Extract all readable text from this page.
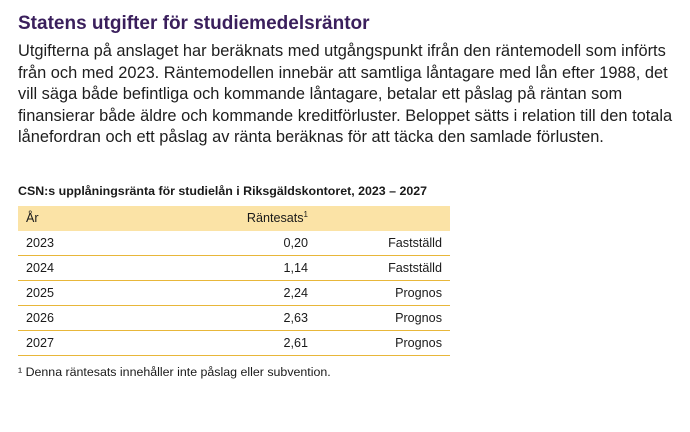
Statens utgifter för studiemedelsräntor

Utgifterna på anslaget har beräknats med utgångspunkt ifrån den räntemodell som införts från och med 2023. Räntemodellen innebär att samtliga låntagare med lån efter 1988, det vill säga både befintliga och kommande låntagare, betalar ett påslag på räntan som finansierar både äldre och kommande kreditförluster. Beloppet sätts i relation till den totala lånefordran och ett påslag av ränta beräknas för att täcka den samlade förlusten.

CSN:s upplåningsränta för studielån i Riksgäldskontoret, 2023 – 2027
År	Räntesats$^1$	
2023	0,20	Fastställd
2024	1,14	Fastställd
2025	2,24	Prognos
2026	2,63	Prognos
2027	2,61	Prognos

¹ Denna räntesats innehåller inte påslag eller subvention.
